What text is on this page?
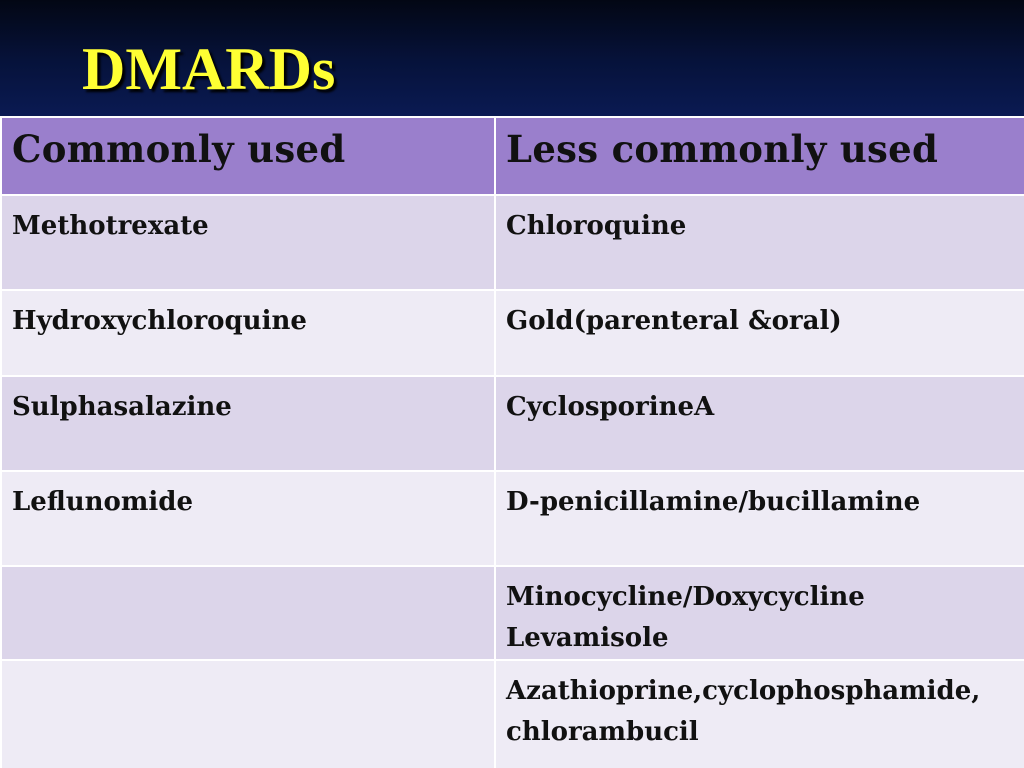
DMARDs
Commonly used	Less commonly used
Methotrexate	Chloroquine

Hydroxychloroquine	Gold(parenteral &oral)

Sulphasalazine	CyclosporineA

Leflunomide	D-penicillamine/bucillamine

	Minocycline/Doxycycline
Levamisole

	Azathioprine,cyclophosphamide,
chlorambucil
